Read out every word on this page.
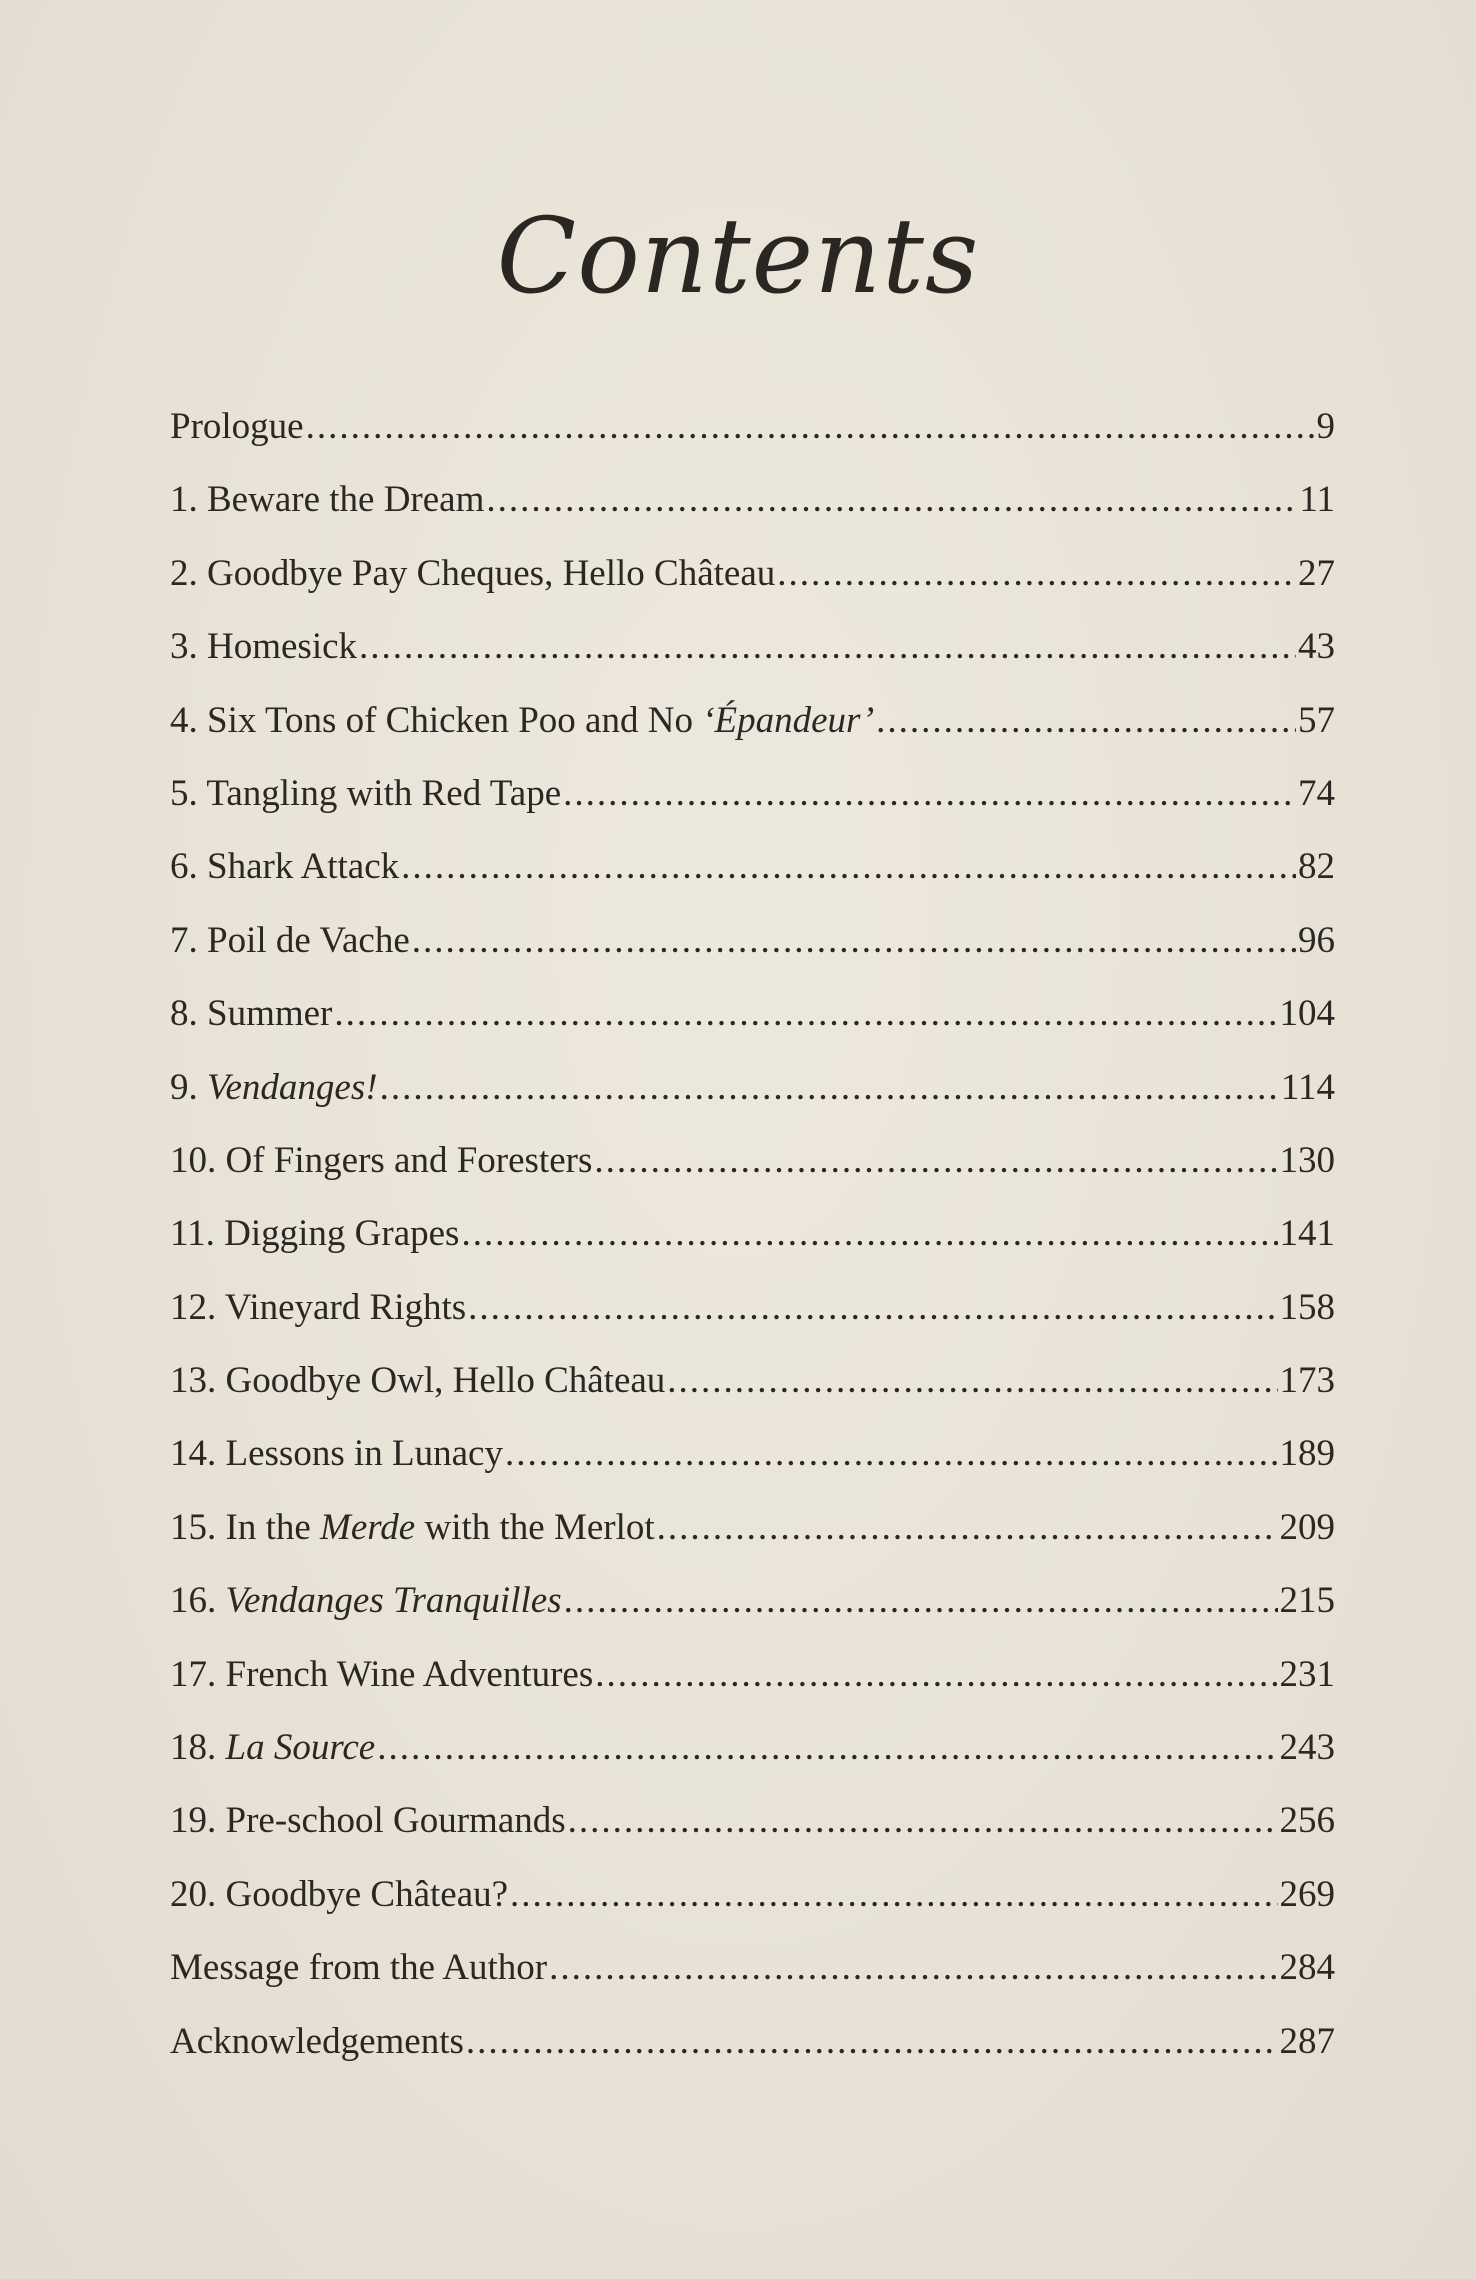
Contents
Prologue .....	9
1. Beware the Dream .....	11
2. Goodbye Pay Cheques, Hello Château .....	27
3. Homesick .....	43
4. Six Tons of Chicken Poo and No ‘Épandeur’ .....	57
5. Tangling with Red Tape .....	74
6. Shark Attack .....	82
7. Poil de Vache .....	96
8. Summer .....	104
9. Vendanges! .....	114
10. Of Fingers and Foresters .....	130
11. Digging Grapes .....	141
12. Vineyard Rights .....	158
13. Goodbye Owl, Hello Château .....	173
14. Lessons in Lunacy .....	189
15. In the Merde with the Merlot .....	209
16. Vendanges Tranquilles .....	215
17. French Wine Adventures .....	231
18. La Source .....	243
19. Pre-school Gourmands .....	256
20. Goodbye Château? .....	269
Message from the Author .....	284
Acknowledgements .....	287
